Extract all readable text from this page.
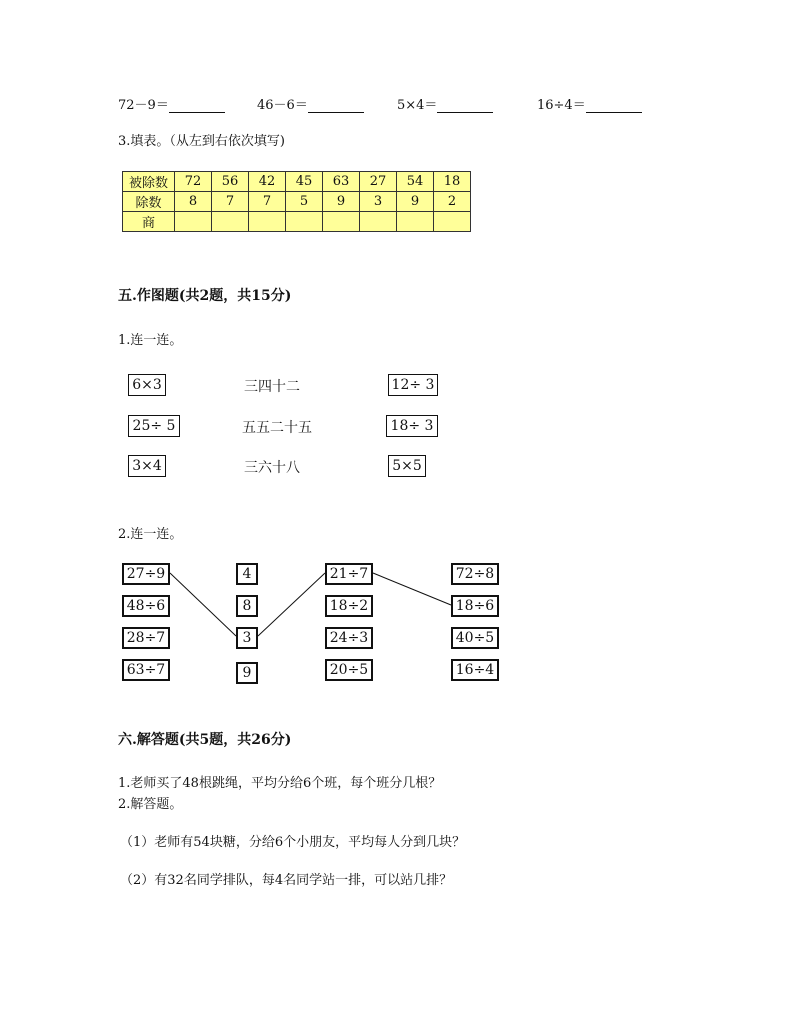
72－9＝	46－6＝	5×4＝	16÷4＝
3.填表。（从左到右依次填写)
被除数	72	56	42	45	63	27	54	18
除数	8	7	7	5	9	3	9	2
商								
五.作图题(共2题，共15分)
1.连一连。
6×3
25÷ 5
3×4
三四十二
五五二十五
三六十八
12÷ 3
18÷ 3
5×5
2.连一连。
27÷9
48÷6
28÷7
63÷7
4
8
3
9
21÷7
18÷2
24÷3
20÷5
72÷8
18÷6
40÷5
16÷4
六.解答题(共5题，共26分)
1.老师买了48根跳绳，平均分给6个班，每个班分几根？
2.解答题。
（1）老师有54块糖，分给6个小朋友，平均每人分到几块？
（2）有32名同学排队，每4名同学站一排，可以站几排？
